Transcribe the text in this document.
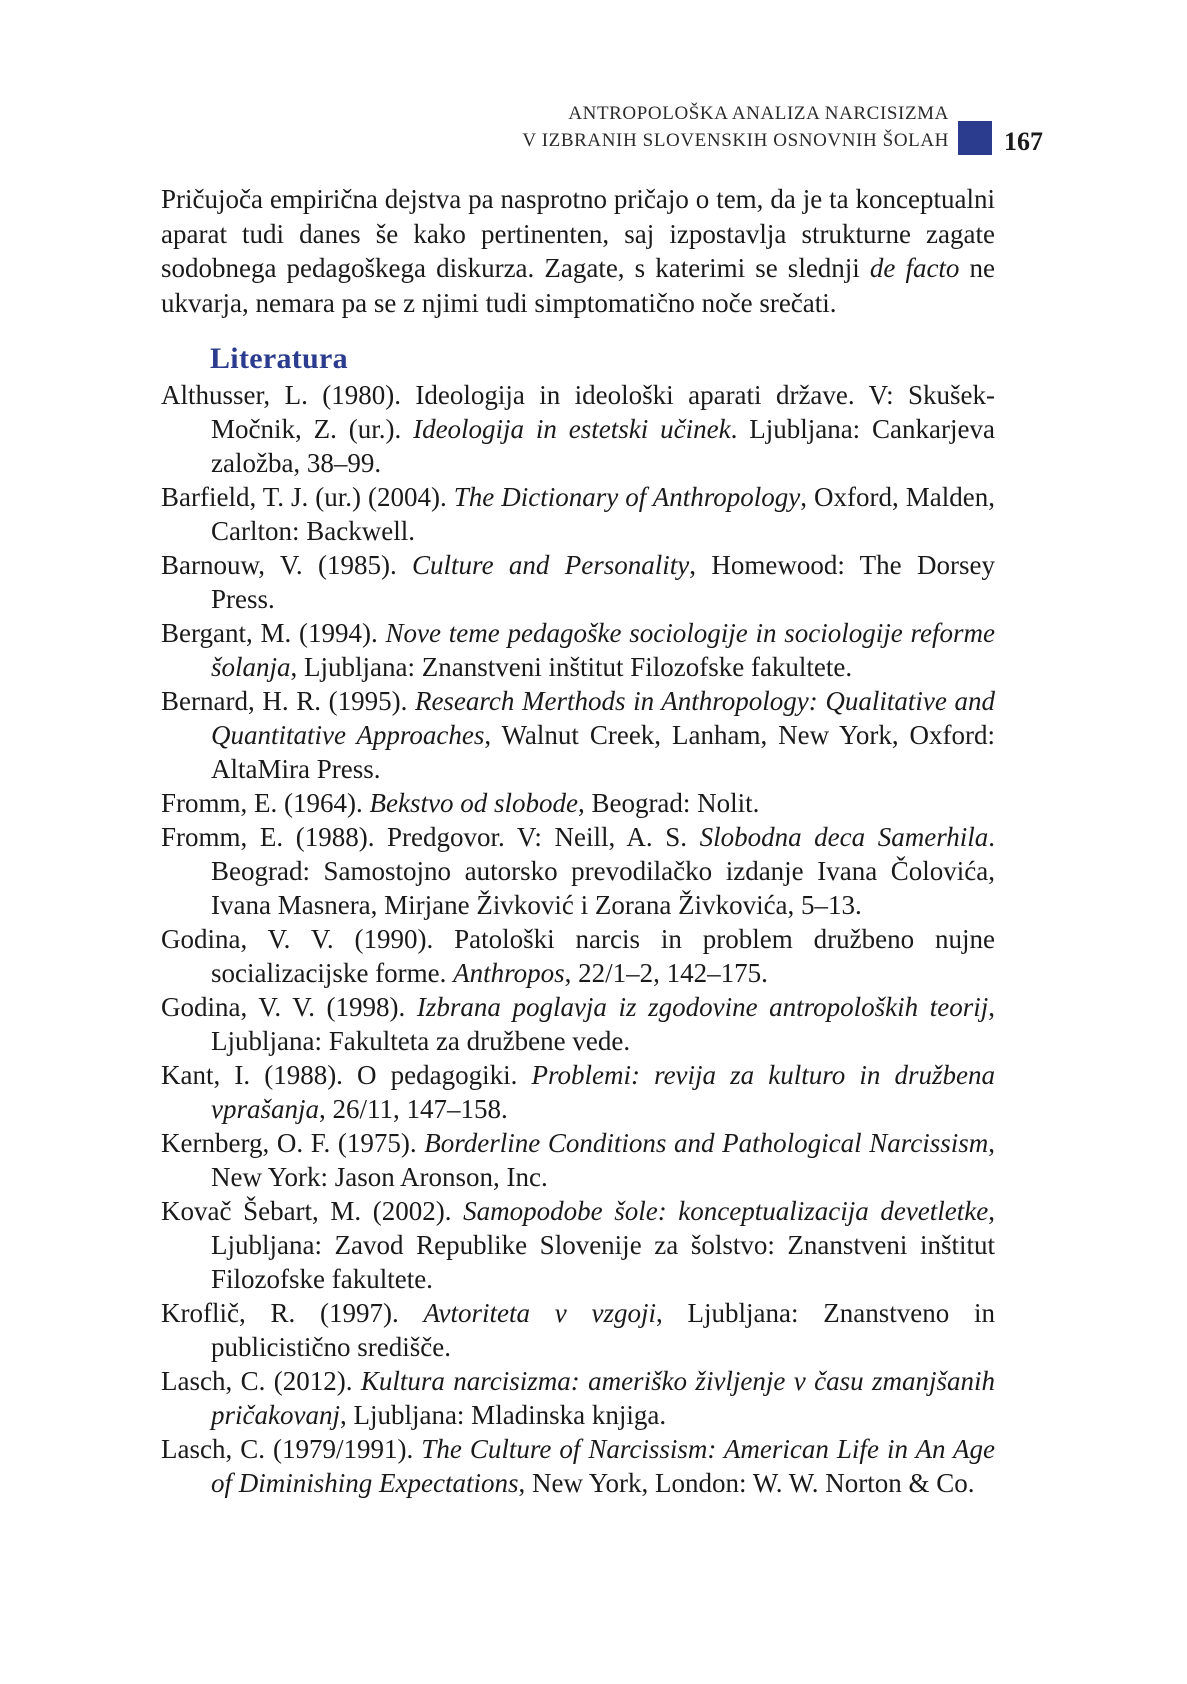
ANTROPOLOŠKA ANALIZA NARCISIZMA
V IZBRANIH SLOVENSKIH OSNOVNIH ŠOLAH 167

Pričujoča empirična dejstva pa nasprotno pričajo o tem, da je ta konceptualni aparat tudi danes še kako pertinenten, saj izpostavlja strukturne zagate sodobnega pedagoškega diskurza. Zagate, s katerimi se slednji de facto ne ukvarja, nemara pa se z njimi tudi simptomatično noče srečati.

Literatura
Althusser, L. (1980). Ideologija in ideološki aparati države. V: Skušek-Močnik, Z. (ur.). Ideologija in estetski učinek. Ljubljana: Cankarjeva založba, 38–99.
Barfield, T. J. (ur.) (2004). The Dictionary of Anthropology, Oxford, Malden, Carlton: Backwell.
Barnouw, V. (1985). Culture and Personality, Homewood: The Dorsey Press.
Bergant, M. (1994). Nove teme pedagoške sociologije in sociologije reforme šolanja, Ljubljana: Znanstveni inštitut Filozofske fakultete.
Bernard, H. R. (1995). Research Merthods in Anthropology: Qualitative and Quantitative Approaches, Walnut Creek, Lanham, New York, Oxford: AltaMira Press.
Fromm, E. (1964). Bekstvo od slobode, Beograd: Nolit.
Fromm, E. (1988). Predgovor. V: Neill, A. S. Slobodna deca Samerhila. Beograd: Samostojno autorsko prevodilačko izdanje Ivana Čolovića, Ivana Masnera, Mirjane Živković i Zorana Živkovića, 5–13.
Godina, V. V. (1990). Patološki narcis in problem družbeno nujne socializacijske forme. Anthropos, 22/1–2, 142–175.
Godina, V. V. (1998). Izbrana poglavja iz zgodovine antropoloških teorij, Ljubljana: Fakulteta za družbene vede.
Kant, I. (1988). O pedagogiki. Problemi: revija za kulturo in družbena vprašanja, 26/11, 147–158.
Kernberg, O. F. (1975). Borderline Conditions and Pathological Narcissism, New York: Jason Aronson, Inc.
Kovač Šebart, M. (2002). Samopodobe šole: konceptualizacija devetletke, Ljubljana: Zavod Republike Slovenije za šolstvo: Znanstveni inštitut Filozofske fakultete.
Kroflič, R. (1997). Avtoriteta v vzgoji, Ljubljana: Znanstveno in publicistično središče.
Lasch, C. (2012). Kultura narcisizma: ameriško življenje v času zmanjšanih pričakovanj, Ljubljana: Mladinska knjiga.
Lasch, C. (1979/1991). The Culture of Narcissism: American Life in An Age of Diminishing Expectations, New York, London: W. W. Norton & Co.
